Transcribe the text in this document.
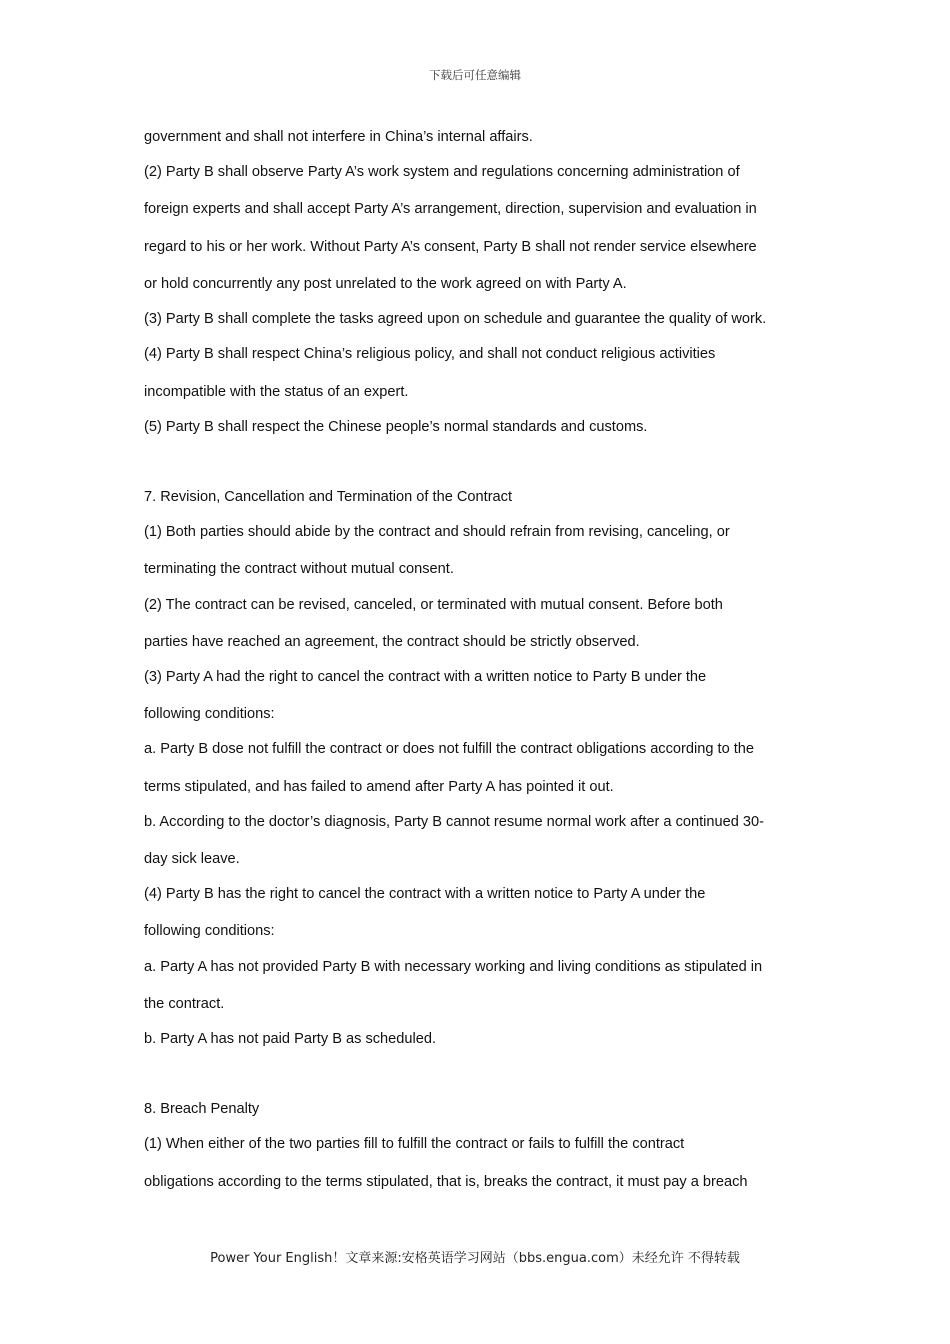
下载后可任意编辑
government and shall not interfere in China’s internal affairs.
(2) Party B shall observe Party A’s work system and regulations concerning administration of
foreign experts and shall accept Party A’s arrangement, direction, supervision and evaluation in
regard to his or her work. Without Party A’s consent, Party B shall not render service elsewhere
or hold concurrently any post unrelated to the work agreed on with Party A.
(3) Party B shall complete the tasks agreed upon on schedule and guarantee the quality of work.
(4) Party B shall respect China’s religious policy, and shall not conduct religious activities
incompatible with the status of an expert.
(5) Party B shall respect the Chinese people’s normal standards and customs.
7. Revision, Cancellation and Termination of the Contract
(1) Both parties should abide by the contract and should refrain from revising, canceling, or
terminating the contract without mutual consent.
(2) The contract can be revised, canceled, or terminated with mutual consent. Before both
parties have reached an agreement, the contract should be strictly observed.
(3) Party A had the right to cancel the contract with a written notice to Party B under the
following conditions:
a. Party B dose not fulfill the contract or does not fulfill the contract obligations according to the
terms stipulated, and has failed to amend after Party A has pointed it out.
b. According to the doctor’s diagnosis, Party B cannot resume normal work after a continued 30-
day sick leave.
(4) Party B has the right to cancel the contract with a written notice to Party A under the
following conditions:
a. Party A has not provided Party B with necessary working and living conditions as stipulated in
the contract.
b. Party A has not paid Party B as scheduled.
8. Breach Penalty
(1) When either of the two parties fill to fulfill the contract or fails to fulfill the contract
obligations according to the terms stipulated, that is, breaks the contract, it must pay a breach
Power Your English！文章来源:安格英语学习网站（bbs.engua.com）未经允许 不得转载
